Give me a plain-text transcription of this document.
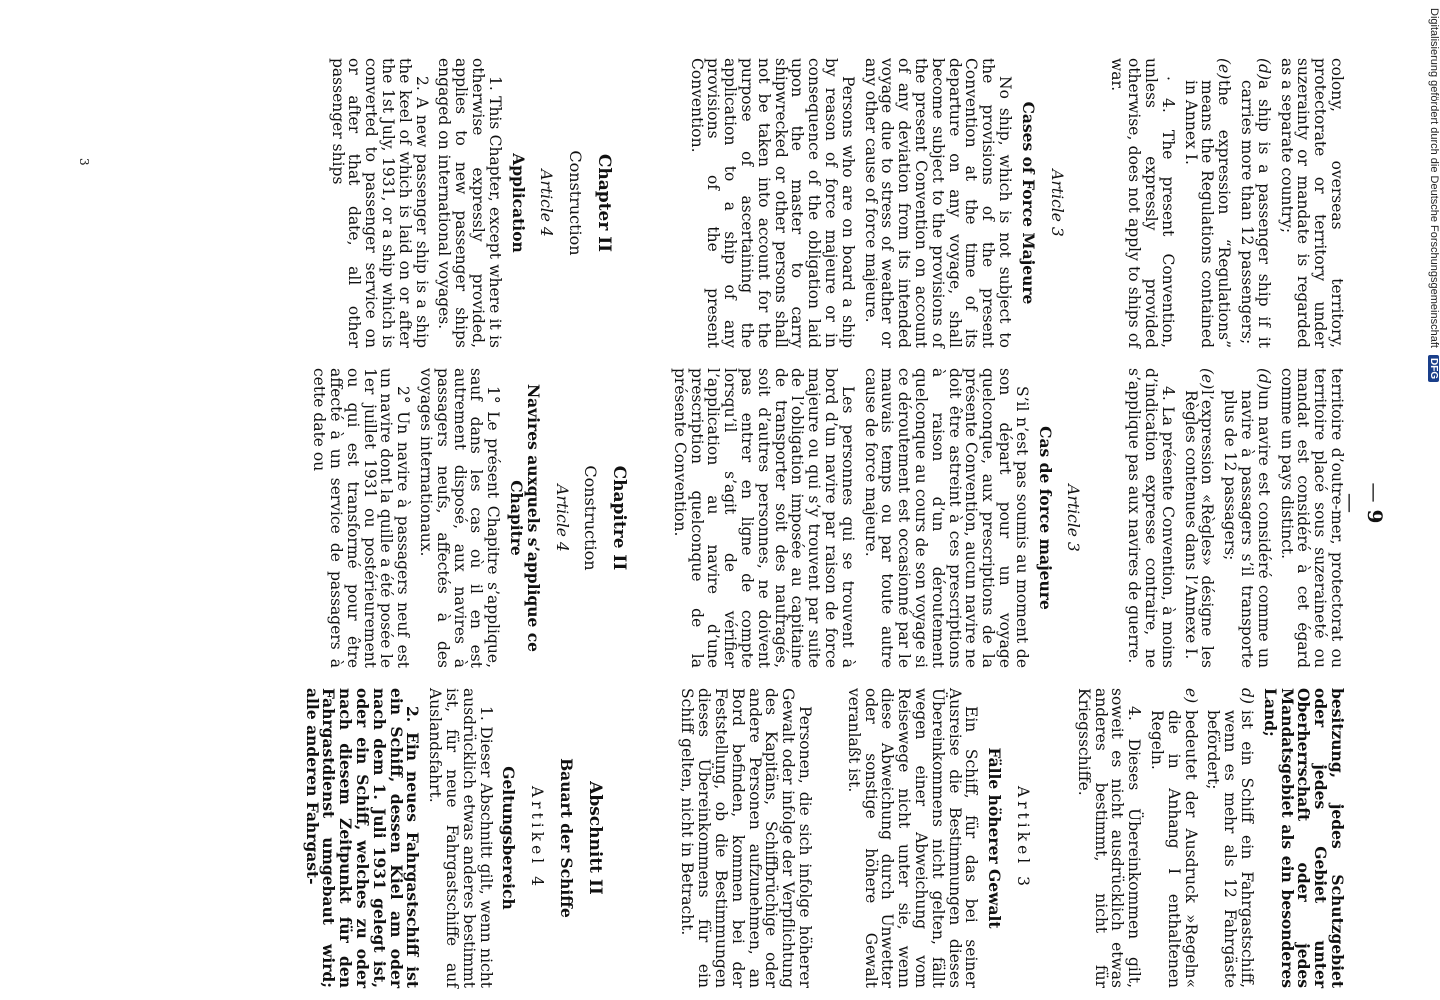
— 9 —

colony, overseas territory, protectorate or territory under suzerainty or mandate is regarded as a separate country;

(d)
a ship is a passenger ship if it carries more than 12 passengers;

(e)
the expression “Regulations” means the Regulations contained in Annex I.

· 4. The present Convention, unless expressly provided otherwise, does not apply to ships of war.

Article 3

Cases of Force Majeure

No ship, which is not subject to the provisions of the present Convention at the time of its departure on any voyage, shall become subject to the provisions of the present Convention on account of any deviation from its intended voyage due to stress of weather or any other cause of force majeure.

Persons who are on board a ship by reason of force majeure or in consequence of the obligation laid upon the master to carry shipwrecked or other persons shall not be taken into account for the purpose of ascertaining the application to a ship of any provisions of the present Convention.

Chapter II

Construction

Article 4

Application

1. This Chapter, except where it is otherwise expressly provided, applies to new passenger ships engaged on international voyages.

2. A new passenger ship is a ship the keel of which is laid on or after the 1st July, 1931, or a ship which is converted to passenger service on or after that date, all other passenger ships

territoire d’outre-mer, protectorat ou territoire placé sous suzeraineté ou mandat est considéré à cet égard comme un pays distinct.

(d)
un navire est considéré comme un navire à passagers s’il transporte plus de 12 passagers;

(e)
l’expression «Règles» désigne les Règles contenues dans l’Annexe I.

4. La présente Convention, à moins d’indication expresse contraire, ne s’applique pas aux navires de guerre.

Article 3

Cas de force majeure

S’il n’est pas soumis au moment de son départ pour un voyage quelconque, aux prescriptions de la présente Convention, aucun navire ne doit être astreint à ces prescriptions à raison d’un déroutement quelconque au cours de son voyage si ce déroutement est occasionné par le mauvais temps ou par toute autre cause de force majeure.

Les personnes qui se trouvent à bord d’un navire par raison de force majeure ou qui s’y trouvent par suite de l’obligation imposée au capitaine de transporter soit des naufragés, soit d’autres personnes, ne doivent pas entrer en ligne de compte lorsqu’il s’agit de vérifier l’application au navire d’une prescription quelconque de la présente Convention.

Chapitre II

Construction

Article 4

Navires auxquels s’applique ce Chapitre

1° Le présent Chapitre s’applique, sauf dans les cas où il en est autrement disposé, aux navires à passagers neufs, affectés à des voyages internationaux.

2° Un navire à passagers neuf est un navire dont la quille a été posée le 1er juillet 1931 ou postérieurement ou qui est transformé pour être affecté à un service de passagers à cette date ou

besitzung, jedes Schutzgebiet oder jedes Gebiet unter Oberherrschaft oder jedes Mandatsgebiet als ein besonderes Land;

d)
ist ein Schiff ein Fahrgastschiff, wenn es mehr als 12 Fahrgäste befördert;

e)
bedeutet der Ausdruck »Regeln« die in Anhang I enthaltenen Regeln.

4. Dieses Übereinkommen gilt, soweit es nicht ausdrücklich etwas anderes bestimmt, nicht für Kriegsschiffe.

Artikel 3

Fälle höherer Gewalt

Ein Schiff, für das bei seiner Ausreise die Bestimmungen dieses Übereinkommens nicht gelten, fällt wegen einer Abweichung vom Reisewege nicht unter sie, wenn diese Abweichung durch Unwetter oder sonstige höhere Gewalt veranlaßt ist.

Personen, die sich infolge höherer Gewalt oder infolge der Verpflichtung des Kapitäns, Schiffbrüchige oder andere Personen aufzunehmen, an Bord befinden, kommen bei der Feststellung, ob die Bestimmungen dieses Übereinkommens für ein Schiff gelten, nicht in Betracht.

Abschnitt II

Bauart der Schiffe

Artikel 4

Geltungsbereich

1. Dieser Abschnitt gilt, wenn nicht ausdrücklich etwas anderes bestimmt ist, für neue Fahrgastschiffe auf Auslandsfahrt.

2. Ein neues Fahrgastschiff ist ein Schiff, dessen Kiel am oder nach dem 1. Juli 1931 gelegt ist, oder ein Schiff, welches zu oder nach diesem Zeitpunkt für den Fahrgastdienst umgebaut wird; alle anderen Fahrgast-

3	Digitalisierung gefördert durch die Deutsche Forschungsgemeinschaft DFG
